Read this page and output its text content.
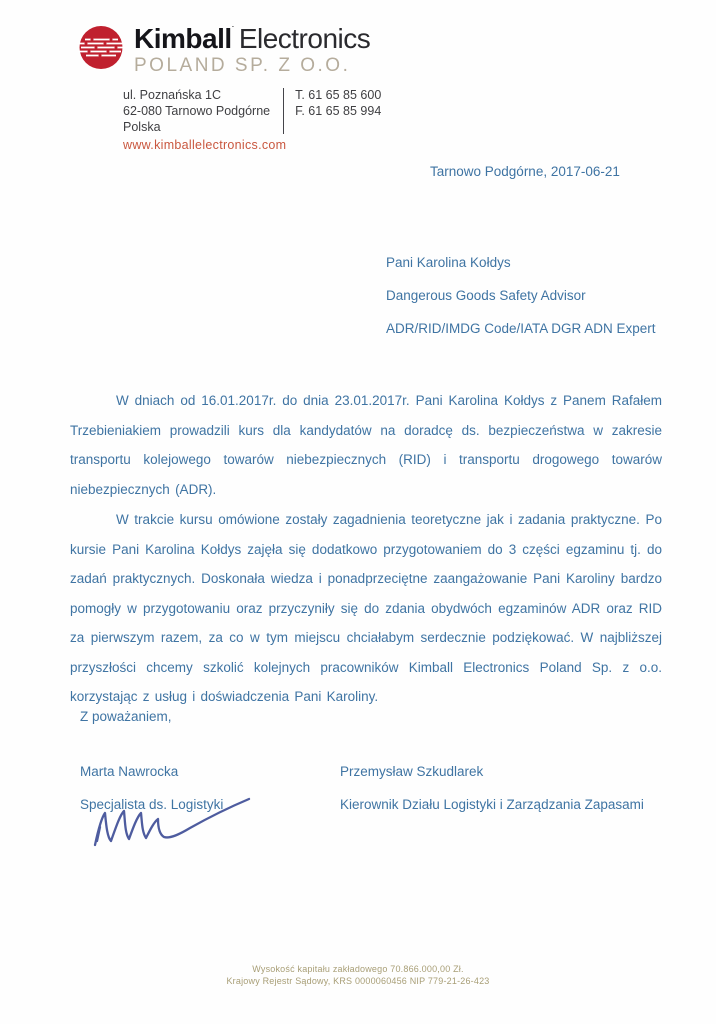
Kimball˙ Electronics
POLAND SP. Z O.O.
ul. Poznańska 1C
62-080 Tarnowo Podgórne
Polska
T. 61 65 85 600
F. 61 65 85 994
www.kimballelectronics.com
Tarnowo Podgórne, 2017-06-21
Pani Karolina Kołdys
Dangerous Goods Safety Advisor
ADR/RID/IMDG Code/IATA DGR ADN Expert

W dniach od 16.01.2017r. do dnia 23.01.2017r. Pani Karolina Kołdys z Panem Rafałem Trzebieniakiem prowadzili kurs dla kandydatów na doradcę ds. bezpieczeństwa w zakresie transportu kolejowego towarów niebezpiecznych (RID) i transportu drogowego towarów niebezpiecznych (ADR).

W trakcie kursu omówione zostały zagadnienia teoretyczne jak i zadania praktyczne. Po kursie Pani Karolina Kołdys zajęła się dodatkowo przygotowaniem do 3 części egzaminu tj. do zadań praktycznych. Doskonała wiedza i ponadprzeciętne zaangażowanie Pani Karoliny bardzo pomogły w przygotowaniu oraz przyczyniły się do zdania obydwóch egzaminów ADR oraz RID za pierwszym razem, za co w tym miejscu chciałabym serdecznie podziękować. W najbliższej przyszłości chcemy szkolić kolejnych pracowników Kimball Electronics Poland Sp. z o.o. korzystając z usług i doświadczenia Pani Karoliny.

Z poważaniem,
Marta Nawrocka
Specjalista ds. Logistyki
Przemysław Szkudlarek
Kierownik Działu Logistyki i Zarządzania Zapasami
Wysokość kapitału zakładowego 70.866.000,00 Zł.
Krajowy Rejestr Sądowy, KRS 0000060456 NIP 779-21-26-423
